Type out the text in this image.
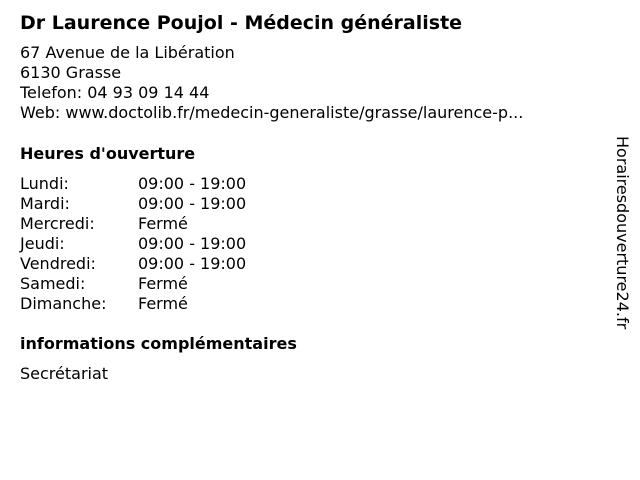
Dr Laurence Poujol - Médecin généraliste
67 Avenue de la Libération
6130 Grasse
Telefon: 04 93 09 14 44
Web: www.doctolib.fr/medecin-generaliste/grasse/laurence-p...
Heures d'ouverture
Lundi:	09:00 - 19:00
Mardi:	09:00 - 19:00
Mercredi:	Fermé
Jeudi:	09:00 - 19:00
Vendredi:	09:00 - 19:00
Samedi:	Fermé
Dimanche: Fermé
informations complémentaires
Secrétariat
Horairesdouverture24.fr
